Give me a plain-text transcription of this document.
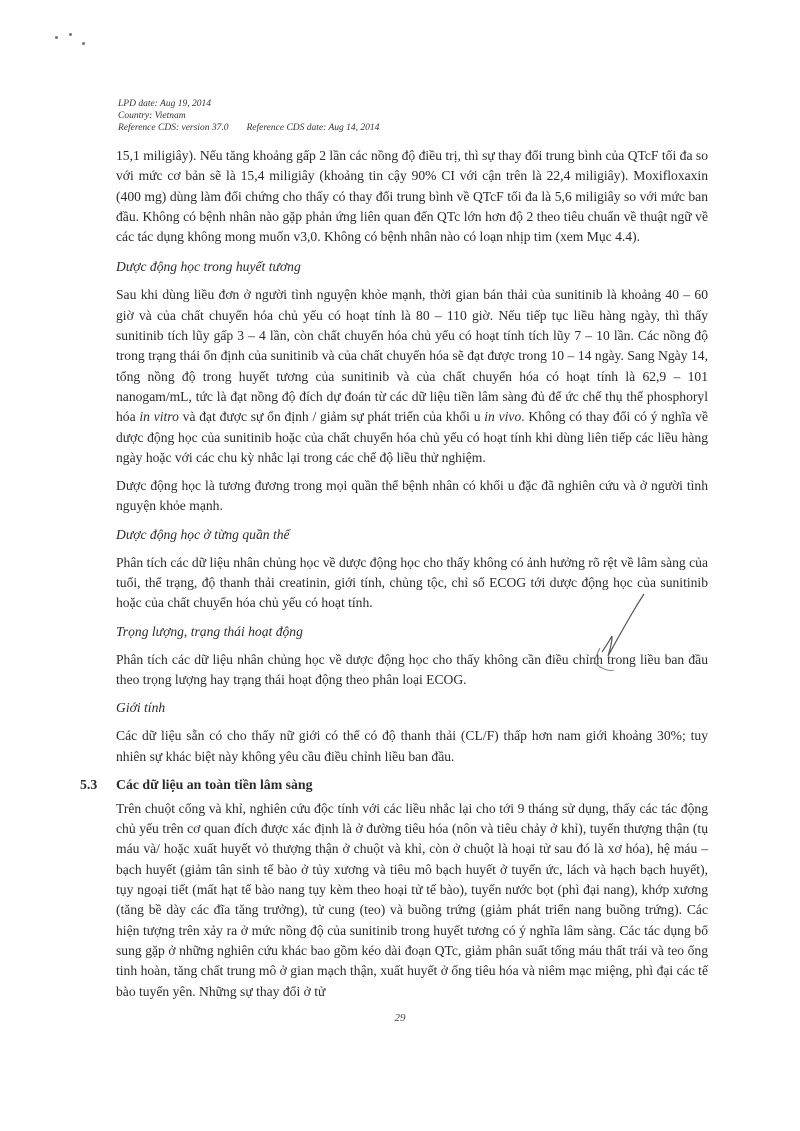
LPD date: Aug 19, 2014
Country: Vietnam
Reference CDS: version 37.0 Reference CDS date: Aug 14, 2014

15,1 miligiây). Nếu tăng khoảng gấp 2 lần các nồng độ điều trị, thì sự thay đổi trung bình của QTcF tối đa so với mức cơ bản sẽ là 15,4 miligiây (khoảng tin cậy 90% CI với cận trên là 22,4 miligiây). Moxifloxaxin (400 mg) dùng làm đối chứng cho thấy có thay đổi trung bình về QTcF tối đa là 5,6 miligiây so với mức ban đầu. Không có bệnh nhân nào gặp phản ứng liên quan đến QTc lớn hơn độ 2 theo tiêu chuẩn về thuật ngữ về các tác dụng không mong muốn v3,0. Không có bệnh nhân nào có loạn nhịp tim (xem Mục 4.4).

Dược động học trong huyết tương

Sau khi dùng liều đơn ở người tình nguyện khỏe mạnh, thời gian bán thải của sunitinib là khoảng 40 – 60 giờ và của chất chuyển hóa chủ yếu có hoạt tính là 80 – 110 giờ. Nếu tiếp tục liều hàng ngày, thì thấy sunitinib tích lũy gấp 3 – 4 lần, còn chất chuyển hóa chủ yếu có hoạt tính tích lũy 7 – 10 lần. Các nồng độ trong trạng thái ổn định của sunitinib và của chất chuyển hóa sẽ đạt được trong 10 – 14 ngày. Sang Ngày 14, tổng nồng độ trong huyết tương của sunitinib và của chất chuyển hóa có hoạt tính là 62,9 – 101 nanogam/mL, tức là đạt nồng độ đích dự đoán từ các dữ liệu tiền lâm sàng đủ để ức chế thụ thể phosphoryl hóa in vitro và đạt được sự ổn định / giảm sự phát triển của khối u in vivo. Không có thay đổi có ý nghĩa về dược động học của sunitinib hoặc của chất chuyển hóa chủ yếu có hoạt tính khi dùng liên tiếp các liều hàng ngày hoặc với các chu kỳ nhắc lại trong các chế độ liều thử nghiệm.

Dược động học là tương đương trong mọi quần thể bệnh nhân có khối u đặc đã nghiên cứu và ở người tình nguyện khỏe mạnh.

Dược động học ở từng quần thể

Phân tích các dữ liệu nhân chủng học về dược động học cho thấy không có ảnh hưởng rõ rệt về lâm sàng của tuổi, thể trạng, độ thanh thải creatinin, giới tính, chủng tộc, chỉ số ECOG tới dược động học của sunitinib hoặc của chất chuyển hóa chủ yếu có hoạt tính.

Trọng lượng, trạng thái hoạt động

Phân tích các dữ liệu nhân chủng học về dược động học cho thấy không cần điều chỉnh trong liều ban đầu theo trọng lượng hay trạng thái hoạt động theo phân loại ECOG.

Giới tính

Các dữ liệu sẵn có cho thấy nữ giới có thể có độ thanh thải (CL/F) thấp hơn nam giới khoảng 30%; tuy nhiên sự khác biệt này không yêu cầu điều chỉnh liều ban đầu.

5.3 Các dữ liệu an toàn tiền lâm sàng

Trên chuột cống và khỉ, nghiên cứu độc tính với các liều nhắc lại cho tới 9 tháng sử dụng, thấy các tác động chủ yếu trên cơ quan đích được xác định là ở đường tiêu hóa (nôn và tiêu chảy ở khỉ), tuyến thượng thận (tụ máu và/ hoặc xuất huyết vỏ thượng thận ở chuột và khỉ, còn ở chuột là hoại tử sau đó là xơ hóa), hệ máu – bạch huyết (giảm tân sinh tế bào ở tủy xương và tiêu mô bạch huyết ở tuyến ức, lách và hạch bạch huyết), tụy ngoại tiết (mất hạt tế bào nang tụy kèm theo hoại tử tế bào), tuyến nước bọt (phì đại nang), khớp xương (tăng bề dày các đĩa tăng trưởng), tử cung (teo) và buồng trứng (giảm phát triển nang buồng trứng). Các hiện tượng trên xảy ra ở mức nồng độ của sunitinib trong huyết tương có ý nghĩa lâm sàng. Các tác dụng bổ sung gặp ở những nghiên cứu khác bao gồm kéo dài đoạn QTc, giảm phân suất tống máu thất trái và teo ống tinh hoàn, tăng chất trung mô ở gian mạch thận, xuất huyết ở ống tiêu hóa và niêm mạc miệng, phì đại các tế bào tuyến yên. Những sự thay đổi ở tử

29
